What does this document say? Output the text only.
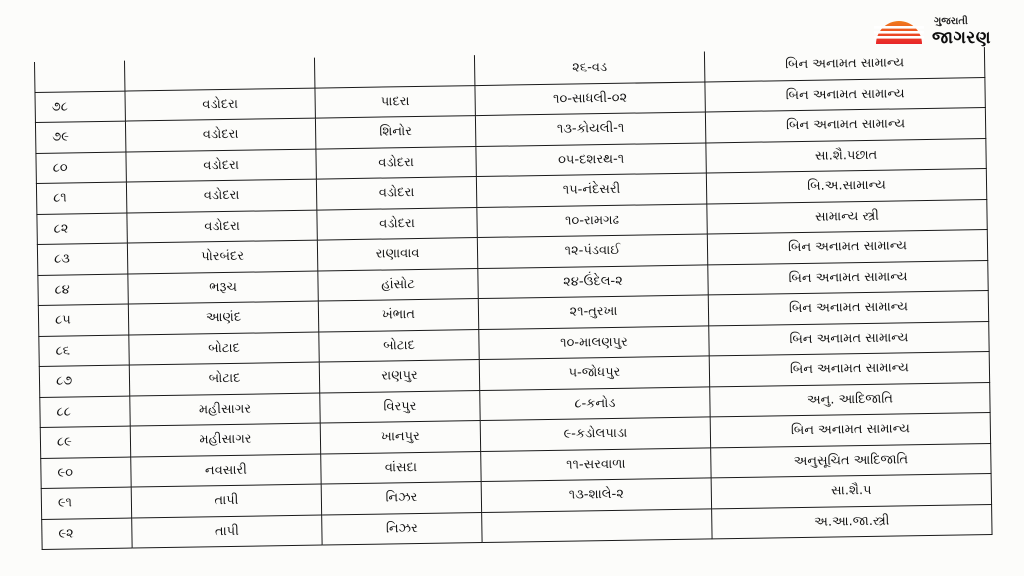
ગુજરાતી
જાગરણ
			૨૬-વડ	બિન અનામત સામાન્ય
૭૮	વડોદરા	પાદરા	૧૦-સાધલી-૦૨	બિન અનામત સામાન્ય
૭૯	વડોદરા	શિનોર	૧૩-કોયલી-૧	બિન અનામત સામાન્ય
૮૦	વડોદરા	વડોદરા	૦૫-દશરથ-૧	સા.શૈ.પછાત
૮૧	વડોદરા	વડોદરા	૧૫-નંદેસરી	બિ.અ.સામાન્ય
૮૨	વડોદરા	વડોદરા	૧૦-રામગઢ	સામાન્ય સ્ત્રી
૮૩	પોરબંદર	રાણાવાવ	૧૨-પંડવાઈ	બિન અનામત સામાન્ય
૮૪	ભરૂચ	હાંસોટ	૨૪-ઉંદેલ-૨	બિન અનામત સામાન્ય
૮૫	આણંદ	ખંભાત	૨૧-તુરખા	બિન અનામત સામાન્ય
૮૬	બોટાદ	બોટાદ	૧૦-માલણપુર	બિન અનામત સામાન્ય
૮૭	બોટાદ	રાણપુર	૫-જોધપુર	બિન અનામત સામાન્ય
૮૮	મહીસાગર	વિરપુર	૮-કનોડ	અનુ. આદિજાતિ
૮૯	મહીસાગર	ખાનપુર	૯-કડોલપાડા	બિન અનામત સામાન્ય
૯૦	નવસારી	વાંસદા	૧૧-સરવાળા	અનુસૂચિત આદિજાતિ
૯૧	તાપી	નિઝર	૧૩-શાલે-૨	સા.શૈ.પ
૯૨	તાપી	નિઝર		અ.આ.જા.સ્ત્રી
